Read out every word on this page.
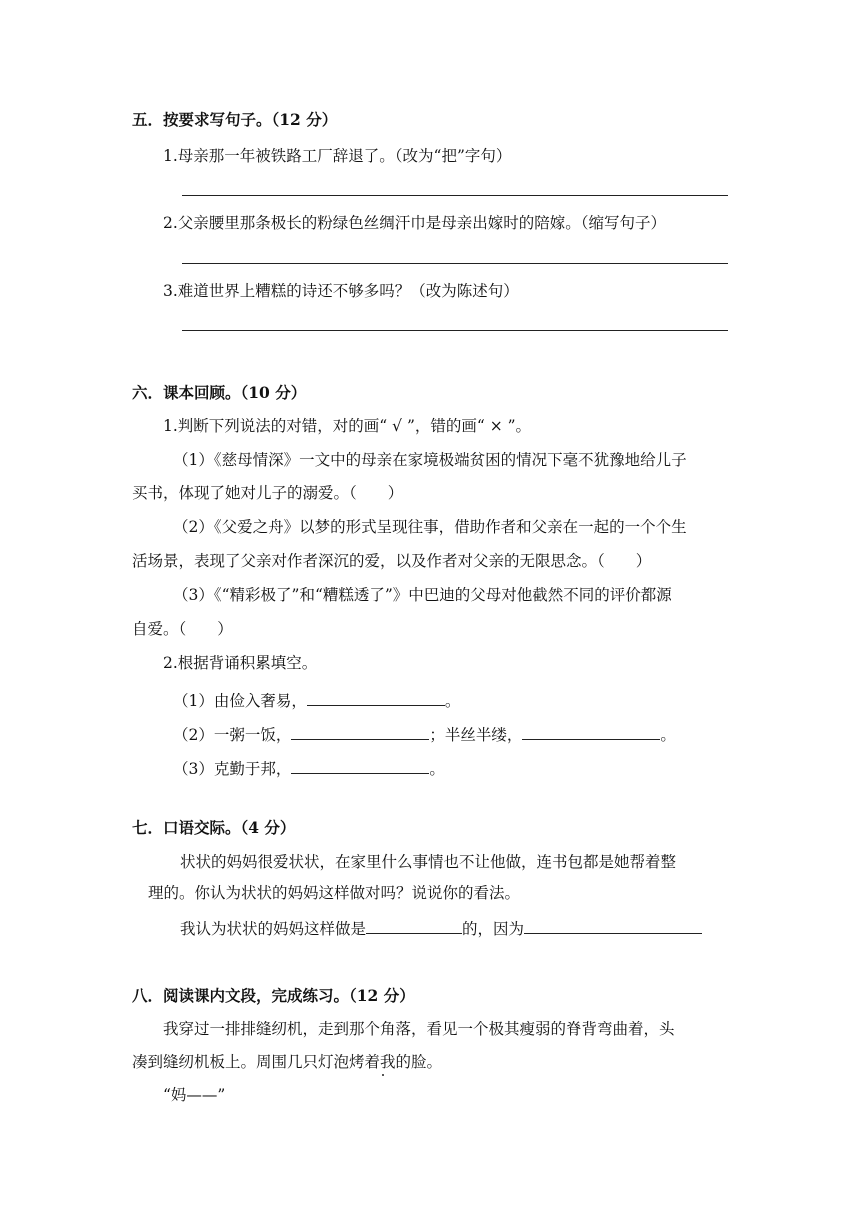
五．按要求写句子。（12 分）
1.母亲那一年被铁路工厂辞退了。（改为“把”字句）
2.父亲腰里那条极长的粉绿色丝绸汗巾是母亲出嫁时的陪嫁。（缩写句子）
3.难道世界上糟糕的诗还不够多吗？（改为陈述句）
六．课本回顾。（10 分）
1.判断下列说法的对错，对的画“ √ ”，错的画“ × ”。
（1）《慈母情深》一文中的母亲在家境极端贫困的情况下毫不犹豫地给儿子
买书，体现了她对儿子的溺爱。（　　）
（2）《父爱之舟》以梦的形式呈现往事，借助作者和父亲在一起的一个个生
活场景，表现了父亲对作者深沉的爱，以及作者对父亲的无限思念。（　　）
（3）《“精彩极了”和“糟糕透了”》中巴迪的父母对他截然不同的评价都源
自爱。（　　）
2.根据背诵积累填空。
（1）由俭入奢易，	。
（2）一粥一饭，	；半丝半缕，	。
（3）克勤于邦，	。
七．口语交际。（4 分）
状状的妈妈很爱状状，在家里什么事情也不让他做，连书包都是她帮着整
理的。你认为状状的妈妈这样做对吗？说说你的看法。
我认为状状的妈妈这样做是	的，因为
八．阅读课内文段，完成练习。（12 分）
我穿过一排排缝纫机，走到那个角落，看见一个极其瘦弱的脊背弯曲着，头
凑到缝纫机板上。周围几只灯泡烤着我的脸。
“妈——”
